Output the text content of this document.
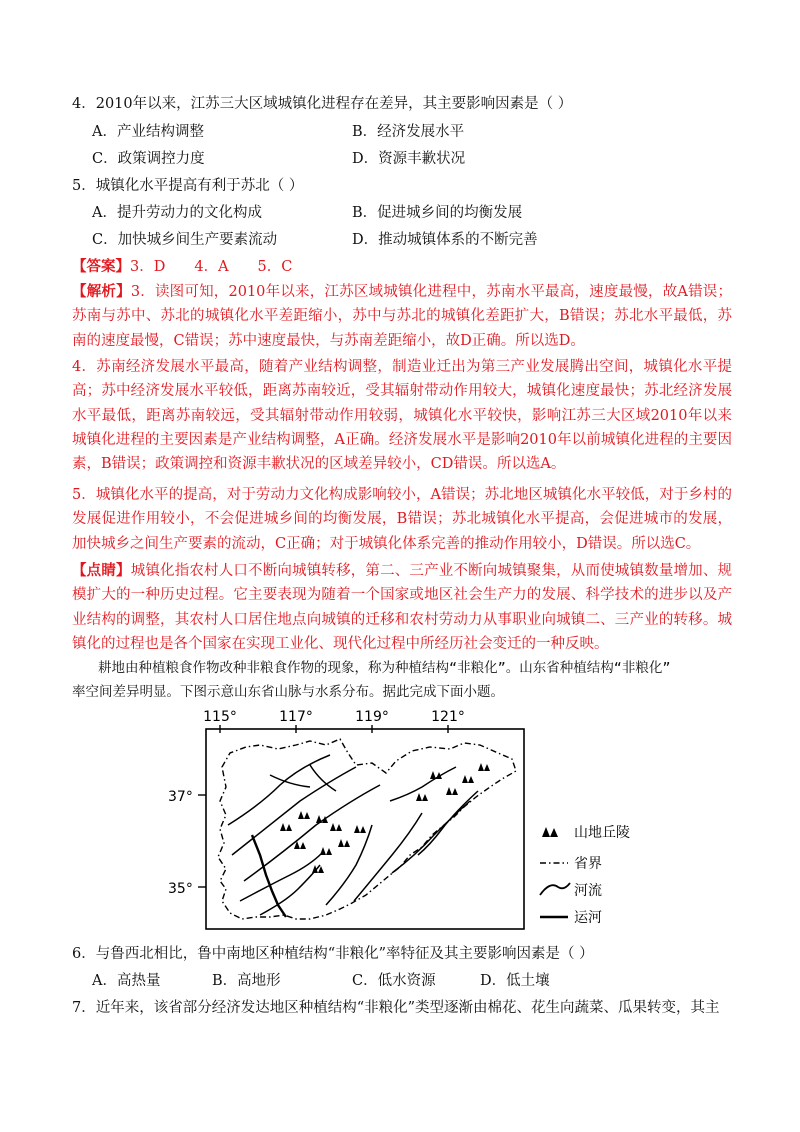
4．2010年以来，江苏三大区域城镇化进程存在差异，其主要影响因素是（ ）
A．产业结构调整	B．经济发展水平
C．政策调控力度	D．资源丰歉状况
5．城镇化水平提高有利于苏北（ ）
A．提升劳动力的文化构成	B．促进城乡间的均衡发展
C．加快城乡间生产要素流动	D．推动城镇体系的不断完善
【答案】3．D　　4．A　　5．C
【解析】3．读图可知，2010年以来，江苏区域城镇化进程中，苏南水平最高，速度最慢，故A错误；苏南与苏中、苏北的城镇化水平差距缩小，苏中与苏北的城镇化差距扩大，B错误；苏北水平最低，苏南的速度最慢，C错误；苏中速度最快，与苏南差距缩小，故D正确。所以选D。
4．苏南经济发展水平最高，随着产业结构调整，制造业迁出为第三产业发展腾出空间，城镇化水平提高；苏中经济发展水平较低，距离苏南较近，受其辐射带动作用较大，城镇化速度最快；苏北经济发展水平最低，距离苏南较远，受其辐射带动作用较弱，城镇化水平较快，影响江苏三大区域2010年以来城镇化进程的主要因素是产业结构调整，A正确。经济发展水平是影响2010年以前城镇化进程的主要因素，B错误；政策调控和资源丰歉状况的区域差异较小，CD错误。所以选A。
5．城镇化水平的提高，对于劳动力文化构成影响较小，A错误；苏北地区城镇化水平较低，对于乡村的发展促进作用较小，不会促进城乡间的均衡发展，B错误；苏北城镇化水平提高，会促进城市的发展，加快城乡之间生产要素的流动，C正确；对于城镇化体系完善的推动作用较小，D错误。所以选C。
【点睛】城镇化指农村人口不断向城镇转移，第二、三产业不断向城镇聚集，从而使城镇数量增加、规模扩大的一种历史过程。它主要表现为随着一个国家或地区社会生产力的发展、科学技术的进步以及产业结构的调整，其农村人口居住地点向城镇的迁移和农村劳动力从事职业向城镇二、三产业的转移。城镇化的过程也是各个国家在实现工业化、现代化过程中所经历社会变迁的一种反映。
耕地由种植粮食作物改种非粮食作物的现象，称为种植结构“非粮化”。山东省种植结构“非粮化”
率空间差异明显。下图示意山东省山脉与水系分布。据此完成下面小题。
115°	117°	119°	121°
37°
35°
山地丘陵
省界
河流
运河
6．与鲁西北相比，鲁中南地区种植结构“非粮化”率特征及其主要影响因素是（ ）
A．高热量	B．高地形	C．低水资源	D．低土壤
7．近年来，该省部分经济发达地区种植结构“非粮化”类型逐渐由棉花、花生向蔬菜、瓜果转变，其主
